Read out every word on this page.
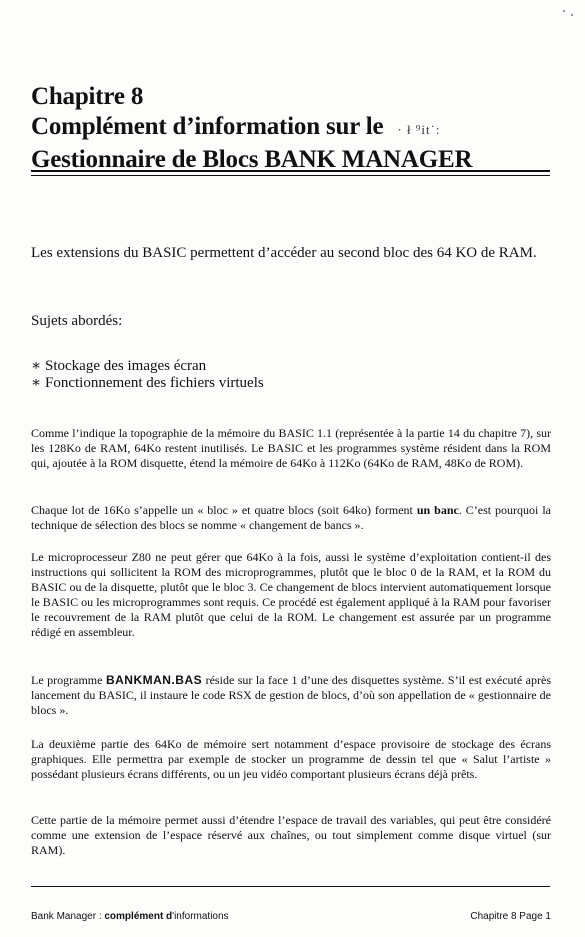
Chapitre 8
Complément d’information sur le · ł ⁹it˙:
Gestionnaire de Blocs BANK MANAGER
Les extensions du BASIC permettent d’accéder au second bloc des 64 KO de RAM.
Sujets abordés:
∗ Stockage des images écran
∗ Fonctionnement des fichiers virtuels
Comme l’indique la topographie de la mémoire du BASIC 1.1 (représentée à la partie 14 du chapitre 7), sur les 128Ko de RAM, 64Ko restent inutilisés. Le BASIC et les programmes système résident dans la ROM qui, ajoutée à la ROM disquette, étend la mémoire de 64Ko à 112Ko (64Ko de RAM, 48Ko de ROM).
Chaque lot de 16Ko s’appelle un « bloc » et quatre blocs (soit 64ko) forment un banc. C’est pourquoi la technique de sélection des blocs se nomme « changement de bancs ».
Le microprocesseur Z80 ne peut gérer que 64Ko à la fois, aussi le système d’exploitation contient-il des instructions qui sollicitent la ROM des microprogrammes, plutôt que le bloc 0 de la RAM, et la ROM du BASIC ou de la disquette, plutôt que le bloc 3. Ce changement de blocs intervient automatiquement lorsque le BASIC ou les microprogrammes sont requis. Ce procédé est également appliqué à la RAM pour favoriser le recouvrement de la RAM plutôt que celui de la ROM. Le changement est assurée par un programme rédigé en assembleur.
Le programme BANKMAN.BAS réside sur la face 1 d’une des disquettes système. S’il est exécuté après lancement du BASIC, il instaure le code RSX de gestion de blocs, d’où son appellation de « gestionnaire de blocs ».
La deuxième partie des 64Ko de mémoire sert notamment d’espace provisoire de stockage des écrans graphiques. Elle permettra par exemple de stocker un programme de dessin tel que « Salut l’artiste » possédant plusieurs écrans différents, ou un jeu vidéo comportant plusieurs écrans déjà prêts.
Cette partie de la mémoire permet aussi d’étendre l’espace de travail des variables, qui peut être considéré comme une extension de l’espace réservé aux chaînes, ou tout simplement comme disque virtuel (sur RAM).
Bank Manager : complément d'informations	Chapitre 8 Page 1
